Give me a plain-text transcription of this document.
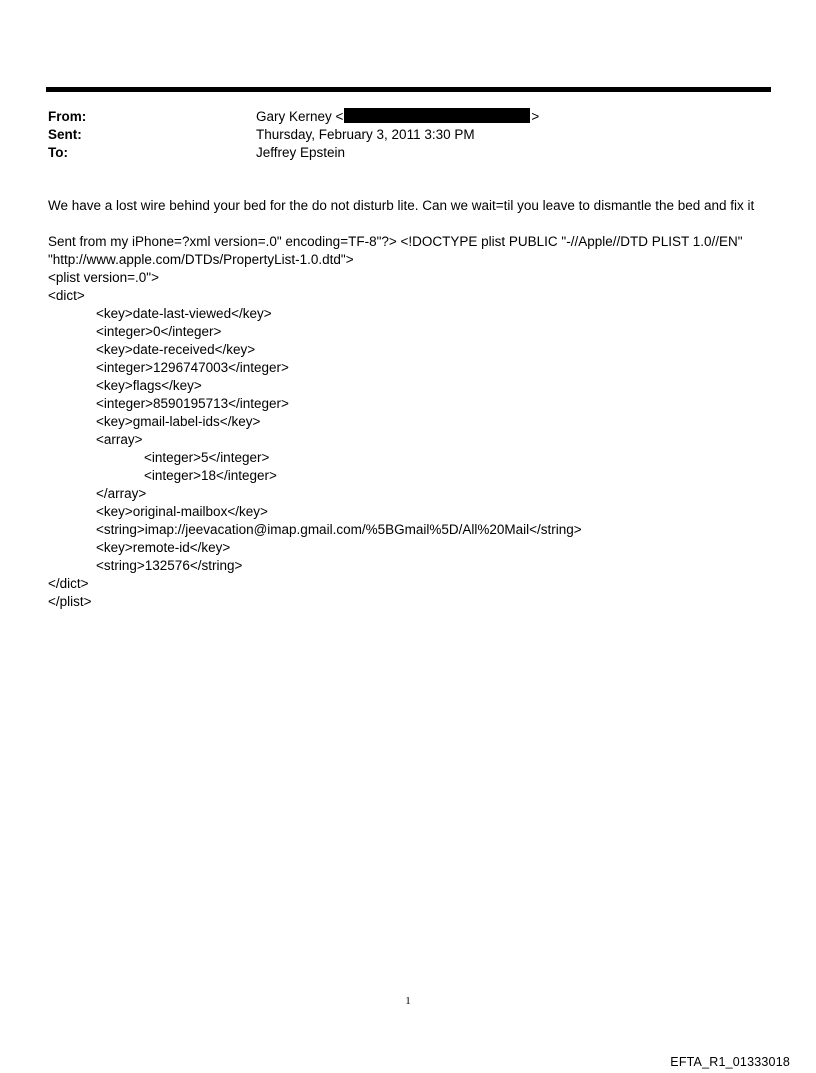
From:	Gary Kerney <	>
Sent:	Thursday, February 3, 2011 3:30 PM
To:	Jeffrey Epstein
We have a lost wire behind your bed for the do not disturb lite. Can we wait=til you leave to dismantle the bed and fix it
Sent from my iPhone=?xml version=.0" encoding=TF-8"?> <!DOCTYPE plist PUBLIC "-//Apple//DTD PLIST 1.0//EN"
"http://www.apple.com/DTDs/PropertyList-1.0.dtd">
<plist version=.0">
<dict>
<key>date-last-viewed</key>
<integer>0</integer>
<key>date-received</key>
<integer>1296747003</integer>
<key>flags</key>
<integer>8590195713</integer>
<key>gmail-label-ids</key>
<array>
<integer>5</integer>
<integer>18</integer>
</array>
<key>original-mailbox</key>
<string>imap://jeevacation@imap.gmail.com/%5BGmail%5D/All%20Mail</string>
<key>remote-id</key>
<string>132576</string>
</dict>
</plist>
1
EFTA_R1_01333018
